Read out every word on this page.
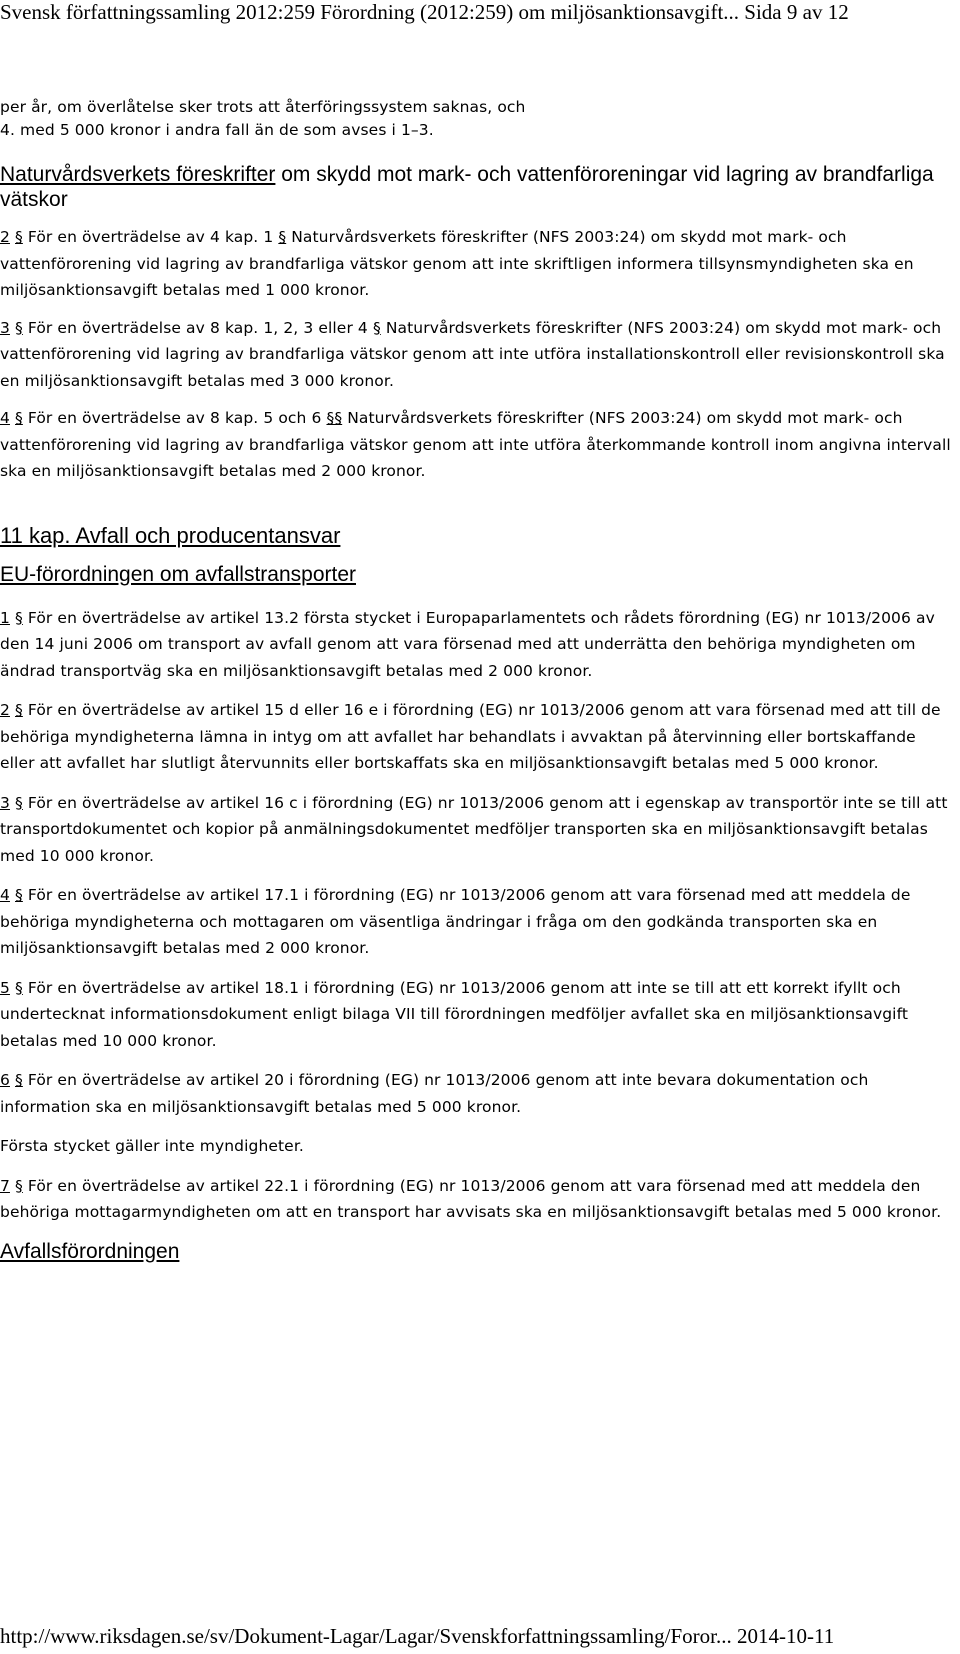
Svensk författningssamling 2012:259 Förordning (2012:259) om miljösanktionsavgift... Sida 9 av 12

per år, om överlåtelse sker trots att återföringssystem saknas, och

4. med 5 000 kronor i andra fall än de som avses i 1–3.

Naturvårdsverkets föreskrifter om skydd mot mark- och vattenföroreningar vid lagring av brandfarliga vätskor

2 § För en överträdelse av 4 kap. 1 § Naturvårdsverkets föreskrifter (NFS 2003:24) om skydd mot mark- och vattenförorening vid lagring av brandfarliga vätskor genom att inte skriftligen informera tillsynsmyndigheten ska en miljösanktionsavgift betalas med 1 000 kronor.

3 § För en överträdelse av 8 kap. 1, 2, 3 eller 4 § Naturvårdsverkets föreskrifter (NFS 2003:24) om skydd mot mark- och vattenförorening vid lagring av brandfarliga vätskor genom att inte utföra installationskontroll eller revisionskontroll ska en miljösanktionsavgift betalas med 3 000 kronor.

4 § För en överträdelse av 8 kap. 5 och 6 §§ Naturvårdsverkets föreskrifter (NFS 2003:24) om skydd mot mark- och vattenförorening vid lagring av brandfarliga vätskor genom att inte utföra återkommande kontroll inom angivna intervall ska en miljösanktionsavgift betalas med 2 000 kronor.

11 kap. Avfall och producentansvar
EU-förordningen om avfallstransporter

1 § För en överträdelse av artikel 13.2 första stycket i Europaparlamentets och rådets förordning (EG) nr 1013/2006 av den 14 juni 2006 om transport av avfall genom att vara försenad med att underrätta den behöriga myndigheten om ändrad transportväg ska en miljösanktionsavgift betalas med 2 000 kronor.

2 § För en överträdelse av artikel 15 d eller 16 e i förordning (EG) nr 1013/2006 genom att vara försenad med att till de behöriga myndigheterna lämna in intyg om att avfallet har behandlats i avvaktan på återvinning eller bortskaffande eller att avfallet har slutligt återvunnits eller bortskaffats ska en miljösanktionsavgift betalas med 5 000 kronor.

3 § För en överträdelse av artikel 16 c i förordning (EG) nr 1013/2006 genom att i egenskap av transportör inte se till att transportdokumentet och kopior på anmälningsdokumentet medföljer transporten ska en miljösanktionsavgift betalas med 10 000 kronor.

4 § För en överträdelse av artikel 17.1 i förordning (EG) nr 1013/2006 genom att vara försenad med att meddela de behöriga myndigheterna och mottagaren om väsentliga ändringar i fråga om den godkända transporten ska en miljösanktionsavgift betalas med 2 000 kronor.

5 § För en överträdelse av artikel 18.1 i förordning (EG) nr 1013/2006 genom att inte se till att ett korrekt ifyllt och undertecknat informationsdokument enligt bilaga VII till förordningen medföljer avfallet ska en miljösanktionsavgift betalas med 10 000 kronor.

6 § För en överträdelse av artikel 20 i förordning (EG) nr 1013/2006 genom att inte bevara dokumentation och information ska en miljösanktionsavgift betalas med 5 000 kronor.

Första stycket gäller inte myndigheter.

7 § För en överträdelse av artikel 22.1 i förordning (EG) nr 1013/2006 genom att vara försenad med att meddela den behöriga mottagarmyndigheten om att en transport har avvisats ska en miljösanktionsavgift betalas med 5 000 kronor.

Avfallsförordningen
http://www.riksdagen.se/sv/Dokument-Lagar/Lagar/Svenskforfattningssamling/Foror... 2014-10-11
